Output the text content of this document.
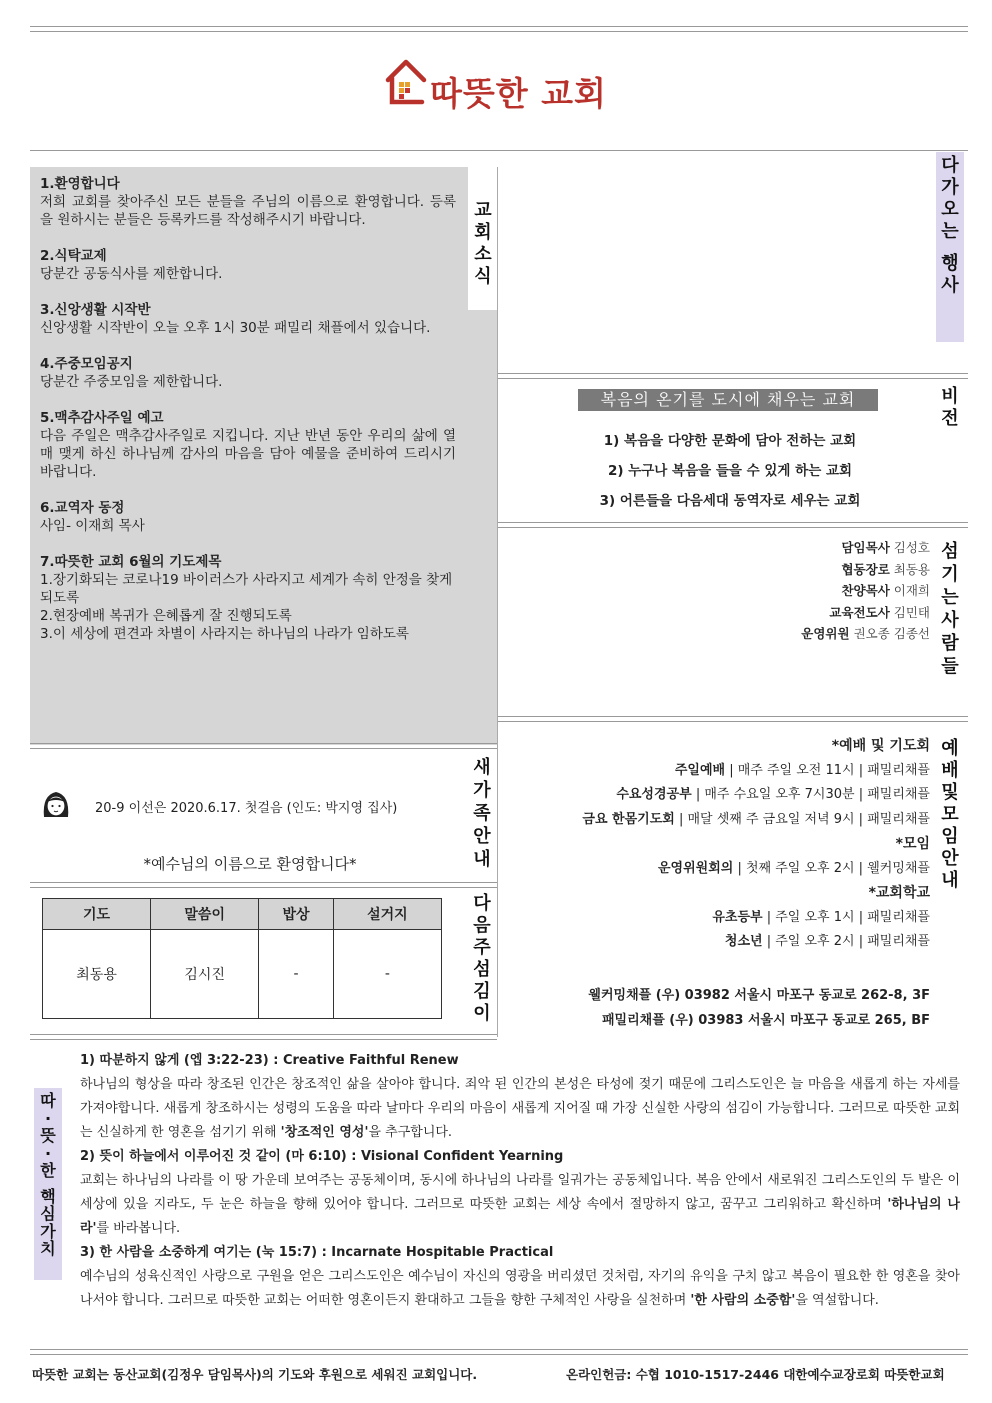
따뜻한 교회
교
회
소
식
1.환영합니다
저희 교회를 찾아주신 모든 분들을 주님의 이름으로 환영합니다. 등록을 원하시는 분들은 등록카드를 작성해주시기 바랍니다.
2.식탁교제
당분간 공동식사를 제한합니다.
3.신앙생활 시작반
신앙생활 시작반이 오늘 오후 1시 30분 패밀리 채플에서 있습니다.
4.주중모임공지
당분간 주중모임을 제한합니다.
5.맥추감사주일 예고
다음 주일은 맥추감사주일로 지킵니다. 지난 반년 동안 우리의 삶에 열매 맺게 하신 하나님께 감사의 마음을 담아 예물을 준비하여 드리시기 바랍니다.
6.교역자 동정
사임- 이재희 목사
7.따뜻한 교회 6월의 기도제목
1.장기화되는 코로나19 바이러스가 사라지고 세계가 속히 안정을 찾게 되도록
2.현장예배 복귀가 은혜롭게 잘 진행되도록
3.이 세상에 편견과 차별이 사라지는 하나님의 나라가 임하도록
다
가
오
는
행
사
비
전
복음의 온기를 도시에 채우는 교회
1) 복음을 다양한 문화에 담아 전하는 교회
2) 누구나 복음을 들을 수 있게 하는 교회
3) 어른들을 다음세대 동역자로 세우는 교회
섬
기
는
사
람
들
담임목사 김성호
협동장로 최동용
찬양목사 이재희
교육전도사 김민태
운영위원 권오종 김종선
새
가
족
안
내
20-9 이선은 2020.6.17. 첫걸음 (인도: 박지영 집사)
*예수님의 이름으로 환영합니다*
다
음
주
섬
김
이
기도	말씀이	밥상	설거지
최동용	김시진	-	-
예
배
및
모
임
안
내
*예배 및 기도회
주일예배 | 매주 주일 오전 11시 | 패밀리채플
수요성경공부 | 매주 수요일 오후 7시30분 | 패밀리채플
금요 한몸기도회 | 매달 셋째 주 금요일 저녁 9시 | 패밀리채플
*모임
운영위원회의 | 첫째 주일 오후 2시 | 웰커밍채플
*교회학교
유초등부 | 주일 오후 1시 | 패밀리채플
청소년 | 주일 오후 2시 | 패밀리채플
웰커밍채플 (우) 03982 서울시 마포구 동교로 262-8, 3F
패밀리채플 (우) 03983 서울시 마포구 동교로 265, BF
따
·
뜻
·
한
핵
심
가
치
1) 따분하지 않게 (엡 3:22-23) : Creative Faithful Renew

하나님의 형상을 따라 창조된 인간은 창조적인 삶을 살아야 합니다. 죄악 된 인간의 본성은 타성에 젖기 때문에 그리스도인은 늘 마음을 새롭게 하는 자세를 가져야합니다. 새롭게 창조하시는 성령의 도움을 따라 날마다 우리의 마음이 새롭게 지어질 때 가장 신실한 사랑의 섬김이 가능합니다. 그러므로 따뜻한 교회는 신실하게 한 영혼을 섬기기 위해 '창조적인 영성'을 추구합니다.

2) 뜻이 하늘에서 이루어진 것 같이 (마 6:10) : Visional Confident Yearning

교회는 하나님의 나라를 이 땅 가운데 보여주는 공동체이며, 동시에 하나님의 나라를 일궈가는 공동체입니다. 복음 안에서 새로워진 그리스도인의 두 발은 이 세상에 있을 지라도, 두 눈은 하늘을 향해 있어야 합니다. 그러므로 따뜻한 교회는 세상 속에서 절망하지 않고, 꿈꾸고 그리워하고 확신하며 '하나님의 나라'를 바라봅니다.

3) 한 사람을 소중하게 여기는 (눅 15:7) : Incarnate Hospitable Practical

예수님의 성육신적인 사랑으로 구원을 얻은 그리스도인은 예수님이 자신의 영광을 버리셨던 것처럼, 자기의 유익을 구치 않고 복음이 필요한 한 영혼을 찾아 나서야 합니다. 그러므로 따뜻한 교회는 어떠한 영혼이든지 환대하고 그들을 향한 구체적인 사랑을 실천하며 '한 사람의 소중함'을 역설합니다.

따뜻한 교회는 동산교회(김정우 담임목사)의 기도와 후원으로 세워진 교회입니다.	온라인헌금: 수협 1010-1517-2446 대한예수교장로회 따뜻한교회
